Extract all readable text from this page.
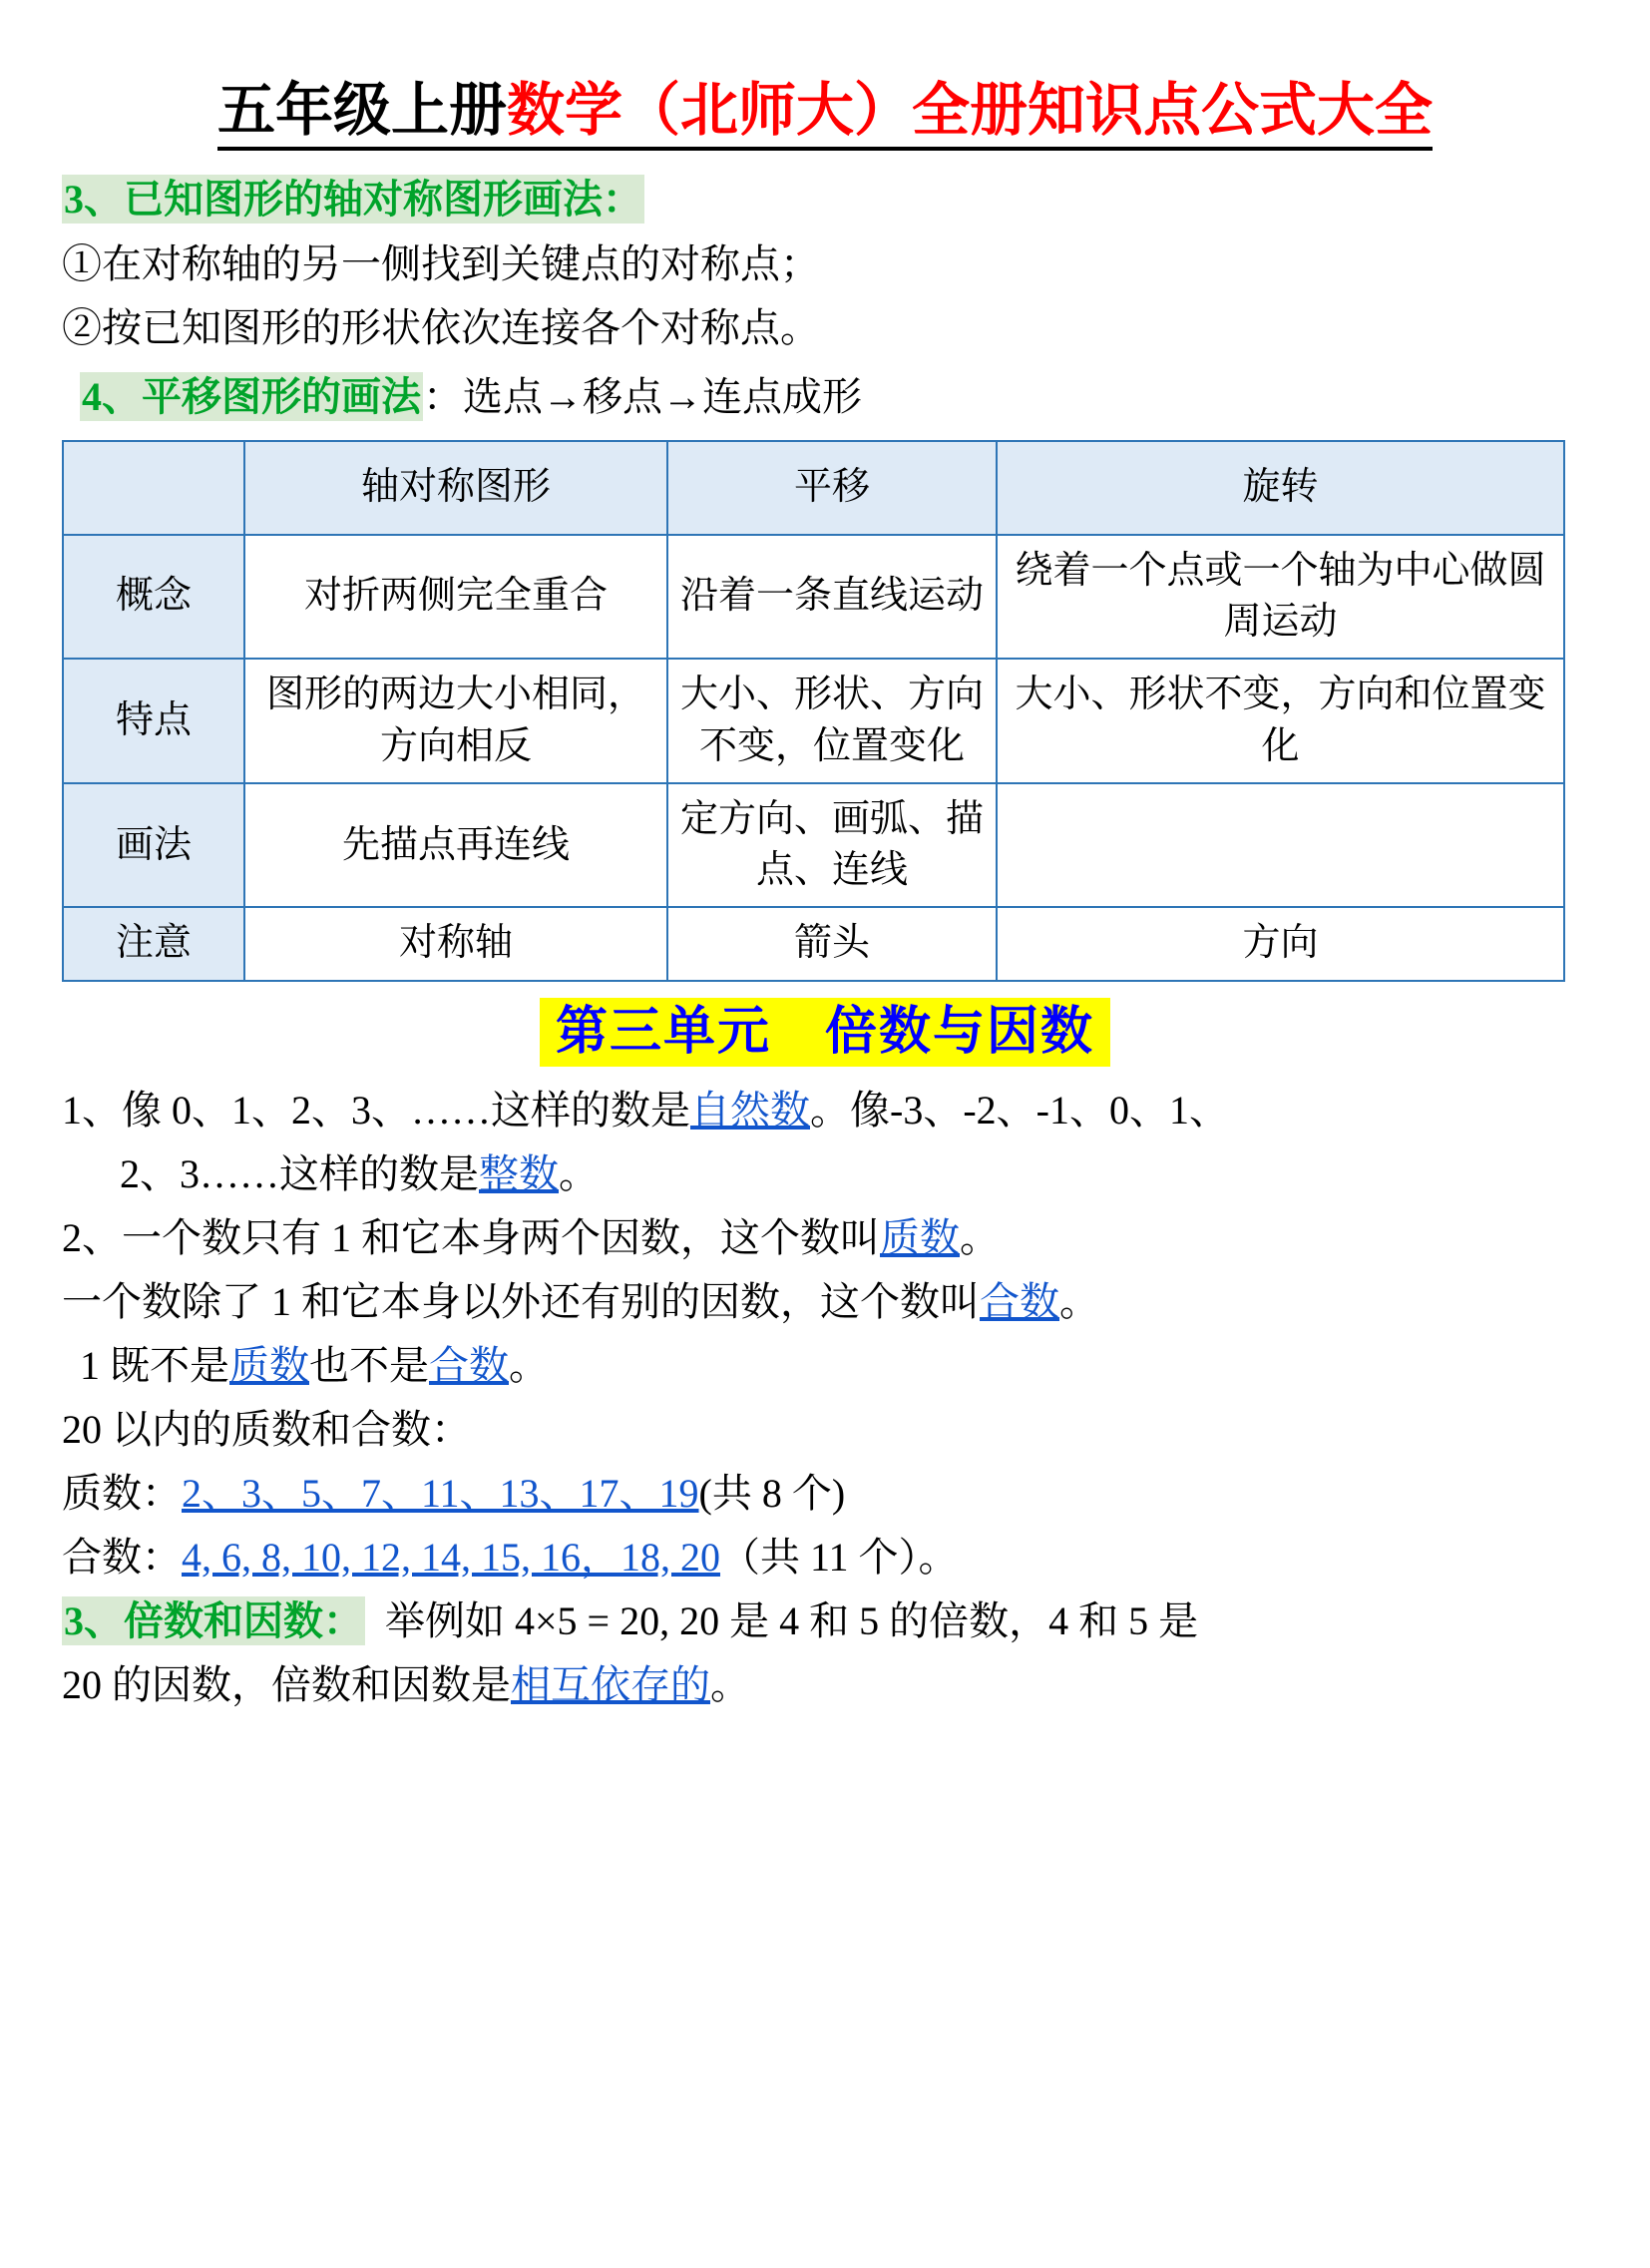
五年级上册数学（北师大）全册知识点公式大全
3、已知图形的轴对称图形画法：
①在对称轴的另一侧找到关键点的对称点；
②按已知图形的形状依次连接各个对称点。
4、平移图形的画法：选点→移点→连点成形
	轴对称图形	平移	旋转
概念	对折两侧完全重合	沿着一条直线运动	绕着一个点或一个轴为中心做圆周运动
特点	图形的两边大小相同，方向相反	大小、形状、方向不变，位置变化	大小、形状不变，方向和位置变化
画法	先描点再连线	定方向、画弧、描点、连线	
注意	对称轴	箭头	方向
第三单元　倍数与因数
1、像 0、1、2、3、……这样的数是自然数。像-3、-2、-1、0、1、
2、3……这样的数是整数。
2、一个数只有 1 和它本身两个因数，这个数叫质数。
一个数除了 1 和它本身以外还有别的因数，这个数叫合数。
1 既不是质数也不是合数。
20 以内的质数和合数：
质数：2、3、5、7、11、13、17、19(共 8 个)
合数：4, 6, 8, 10, 12, 14, 15, 16，18, 20（共 11 个）。
3、倍数和因数： 举例如 4×5 = 20, 20 是 4 和 5 的倍数，4 和 5 是
20 的因数，倍数和因数是相互依存的。
